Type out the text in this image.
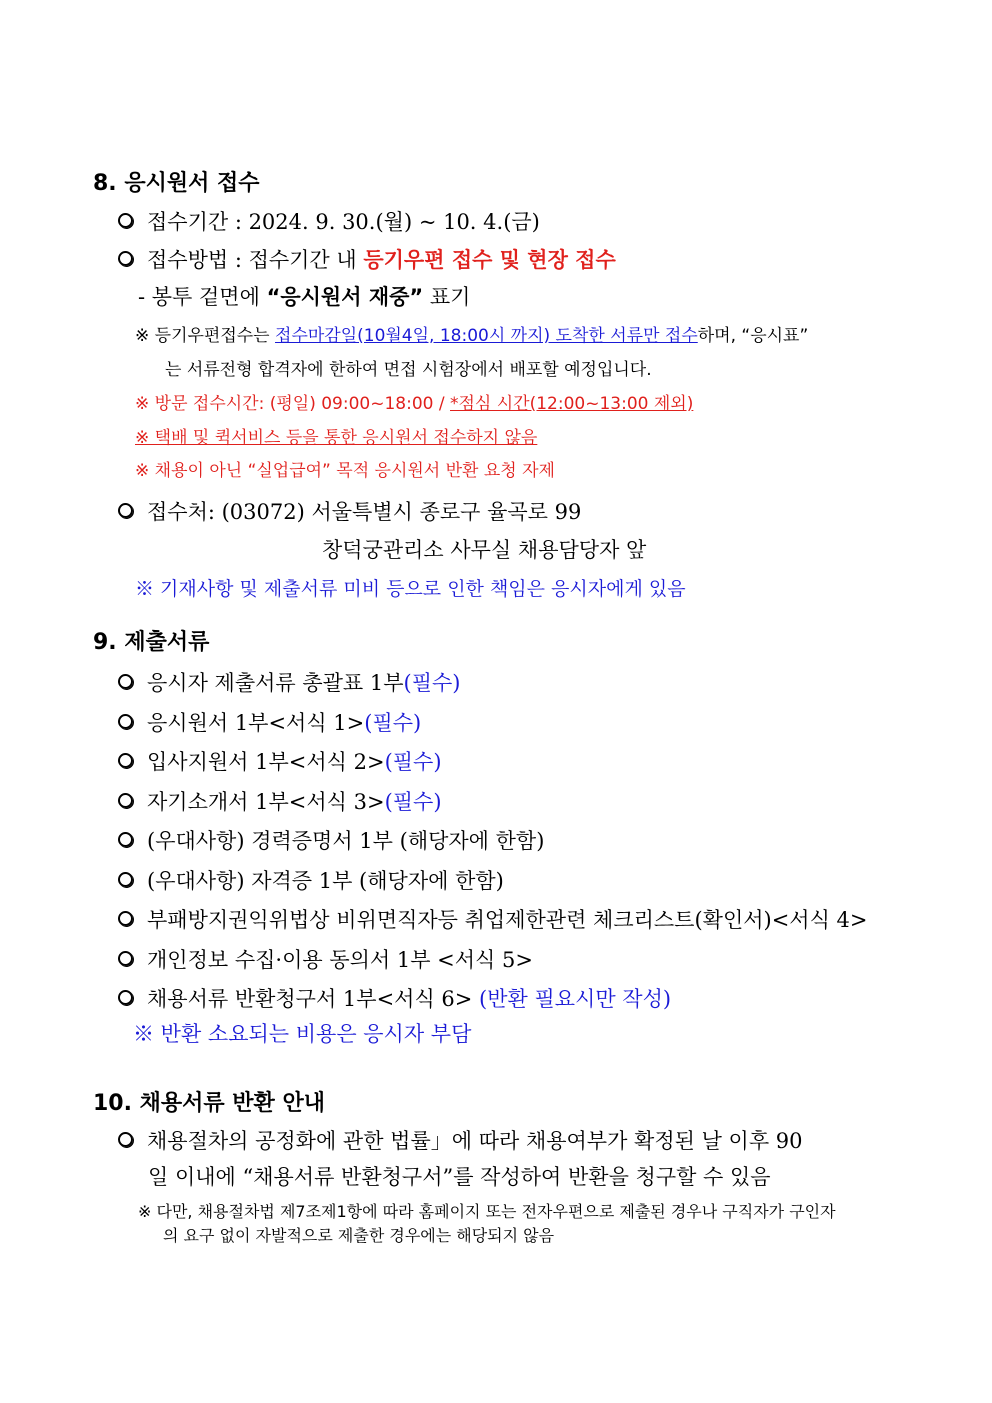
8. 응시원서 접수
접수기간 : 2024. 9. 30.(월) ~ 10. 4.(금)
접수방법 : 접수기간 내 등기우편 접수 및 현장 접수
- 봉투 겉면에 “응시원서 재중” 표기
※ 등기우편접수는 접수마감일(10월4일, 18:00시 까지) 도착한 서류만 접수하며, “응시표”
는 서류전형 합격자에 한하여 면접 시험장에서 배포할 예정입니다.
※ 방문 접수시간: (평일) 09:00~18:00 / *점심 시간(12:00~13:00 제외)
※ 택배 및 퀵서비스 등을 통한 응시원서 접수하지 않음
※ 채용이 아닌 “실업급여” 목적 응시원서 반환 요청 자제
접수처: (03072) 서울특별시 종로구 율곡로 99
창덕궁관리소 사무실 채용담당자 앞
※ 기재사항 및 제출서류 미비 등으로 인한 책임은 응시자에게 있음
9. 제출서류
응시자 제출서류 총괄표 1부(필수)
응시원서 1부<서식 1>(필수)
입사지원서 1부<서식 2>(필수)
자기소개서 1부<서식 3>(필수)
(우대사항) 경력증명서 1부 (해당자에 한함)
(우대사항) 자격증 1부 (해당자에 한함)
부패방지권익위법상 비위면직자등 취업제한관련 체크리스트(확인서)<서식 4>
개인정보 수집·이용 동의서 1부 <서식 5>
채용서류 반환청구서 1부<서식 6> (반환 필요시만 작성)
※ 반환 소요되는 비용은 응시자 부담
10. 채용서류 반환 안내
채용절차의 공정화에 관한 법률」에 따라 채용여부가 확정된 날 이후 90
일 이내에 “채용서류 반환청구서”를 작성하여 반환을 청구할 수 있음
※ 다만, 채용절차법 제7조제1항에 따라 홈페이지 또는 전자우편으로 제출된 경우나 구직자가 구인자
의 요구 없이 자발적으로 제출한 경우에는 해당되지 않음
